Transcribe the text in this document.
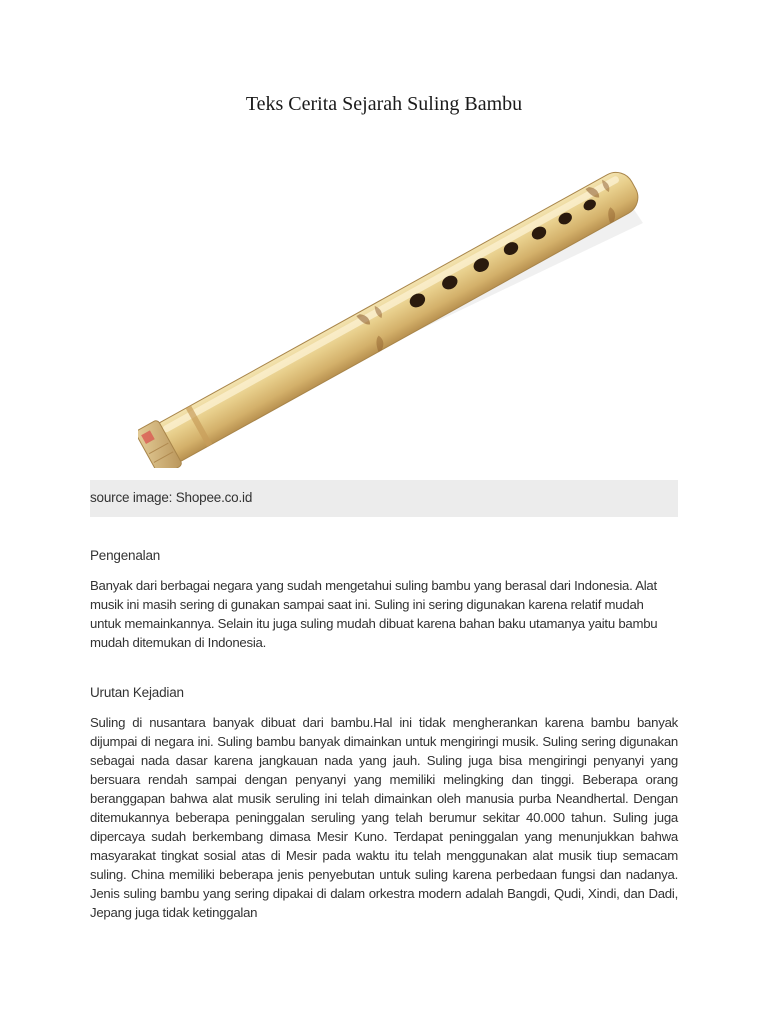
Teks Cerita Sejarah Suling Bambu
source image: Shopee.co.id
Pengenalan

Banyak dari berbagai negara yang sudah mengetahui suling bambu yang berasal dari Indonesia. Alat musik ini masih sering di gunakan sampai saat ini. Suling ini sering digunakan karena relatif mudah untuk memainkannya. Selain itu juga suling mudah dibuat karena bahan baku utamanya yaitu bambu mudah ditemukan di Indonesia.

Urutan Kejadian

Suling di nusantara banyak dibuat dari bambu.Hal ini tidak mengherankan karena bambu banyak dijumpai di negara ini. Suling bambu banyak dimainkan untuk mengiringi musik. Suling sering digunakan sebagai nada dasar karena jangkauan nada yang jauh. Suling juga bisa mengiringi penyanyi yang bersuara rendah sampai dengan penyanyi yang memiliki melingking dan tinggi. Beberapa orang beranggapan bahwa alat musik seruling ini telah dimainkan oleh manusia purba Neandhertal. Dengan ditemukannya beberapa peninggalan seruling yang telah berumur sekitar 40.000 tahun. Suling juga dipercaya sudah berkembang dimasa Mesir Kuno. Terdapat peninggalan yang menunjukkan bahwa masyarakat tingkat sosial atas di Mesir pada waktu itu telah menggunakan alat musik tiup semacam suling. China memiliki beberapa jenis penyebutan untuk suling karena perbedaan fungsi dan nadanya. Jenis suling bambu yang sering dipakai di dalam orkestra modern adalah Bangdi, Qudi, Xindi, dan Dadi, Jepang juga tidak ketinggalan
